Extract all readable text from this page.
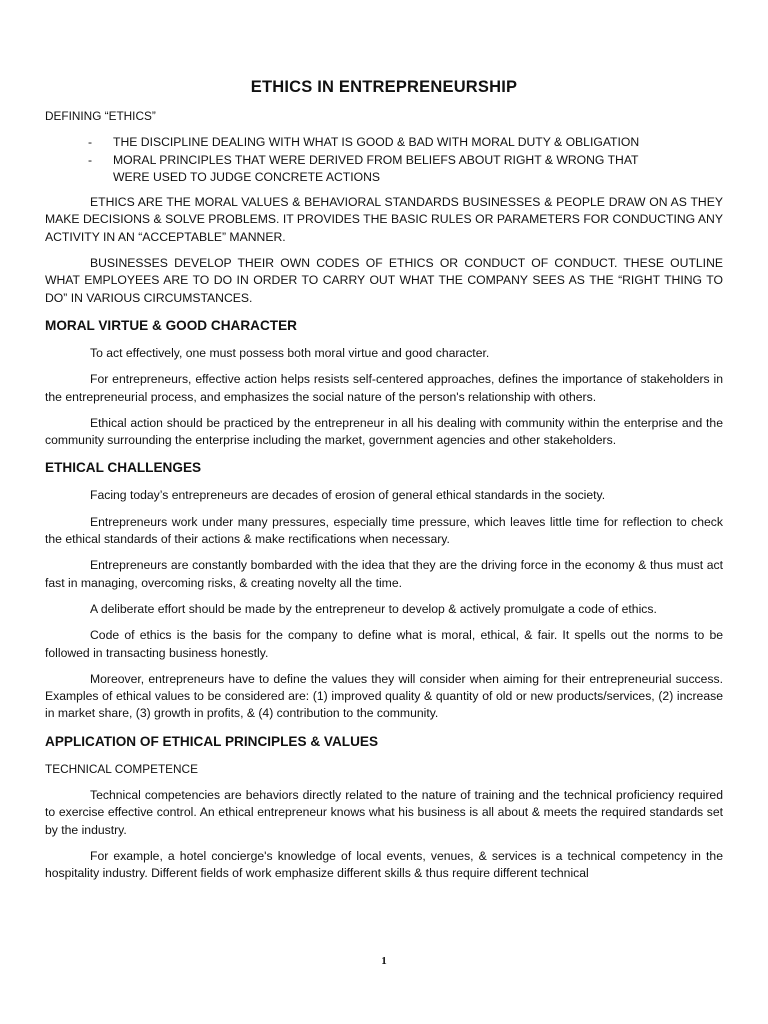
ETHICS IN ENTREPRENEURSHIP
DEFINING “ETHICS”
- THE DISCIPLINE DEALING WITH WHAT IS GOOD & BAD WITH MORAL DUTY & OBLIGATION
- MORAL PRINCIPLES THAT WERE DERIVED FROM BELIEFS ABOUT RIGHT & WRONG THAT WERE USED TO JUDGE CONCRETE ACTIONS

ETHICS ARE THE MORAL VALUES & BEHAVIORAL STANDARDS BUSINESSES & PEOPLE DRAW ON AS THEY MAKE DECISIONS & SOLVE PROBLEMS. IT PROVIDES THE BASIC RULES OR PARAMETERS FOR CONDUCTING ANY ACTIVITY IN AN “ACCEPTABLE” MANNER.

BUSINESSES DEVELOP THEIR OWN CODES OF ETHICS OR CONDUCT OF CONDUCT. THESE OUTLINE WHAT EMPLOYEES ARE TO DO IN ORDER TO CARRY OUT WHAT THE COMPANY SEES AS THE “RIGHT THING TO DO” IN VARIOUS CIRCUMSTANCES.

MORAL VIRTUE & GOOD CHARACTER

To act effectively, one must possess both moral virtue and good character.

For entrepreneurs, effective action helps resists self-centered approaches, defines the importance of stakeholders in the entrepreneurial process, and emphasizes the social nature of the person's relationship with others.

Ethical action should be practiced by the entrepreneur in all his dealing with community within the enterprise and the community surrounding the enterprise including the market, government agencies and other stakeholders.

ETHICAL CHALLENGES

Facing today’s entrepreneurs are decades of erosion of general ethical standards in the society.

Entrepreneurs work under many pressures, especially time pressure, which leaves little time for reflection to check the ethical standards of their actions & make rectifications when necessary.

Entrepreneurs are constantly bombarded with the idea that they are the driving force in the economy & thus must act fast in managing, overcoming risks, & creating novelty all the time.

A deliberate effort should be made by the entrepreneur to develop & actively promulgate a code of ethics.

Code of ethics is the basis for the company to define what is moral, ethical, & fair. It spells out the norms to be followed in transacting business honestly.

Moreover, entrepreneurs have to define the values they will consider when aiming for their entrepreneurial success. Examples of ethical values to be considered are: (1) improved quality & quantity of old or new products/services, (2) increase in market share, (3) growth in profits, & (4) contribution to the community.

APPLICATION OF ETHICAL PRINCIPLES & VALUES
TECHNICAL COMPETENCE

Technical competencies are behaviors directly related to the nature of training and the technical proficiency required to exercise effective control. An ethical entrepreneur knows what his business is all about & meets the required standards set by the industry.

For example, a hotel concierge's knowledge of local events, venues, & services is a technical competency in the hospitality industry. Different fields of work emphasize different skills & thus require different technical

1
